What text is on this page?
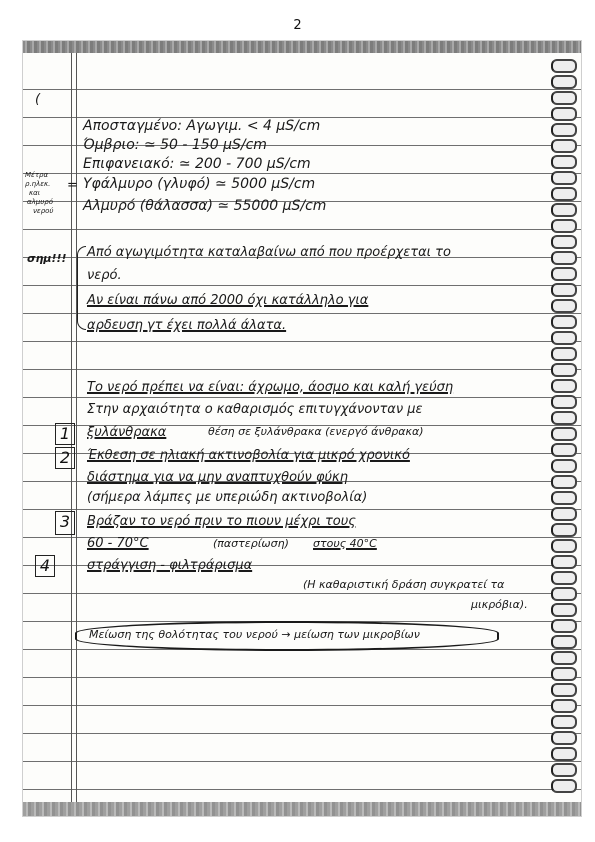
2
(
Αποσταγμένο: Αγωγιμ. < 4 μS/cm
Όμβριο: ≃ 50 - 150 μS/cm
Επιφανειακό: ≃ 200 - 700 μS/cm
Υφάλμυρο (γλυφό) ≃ 5000 μS/cm
Αλμυρό (θάλασσα) ≃ 55000 μS/cm
Μέτρα
ρ.ηλεκ.
και
αλμυρό
νερού
=
σημ!!! Από αγωγιμότητα καταλαβαίνω από που προέρχεται το
νερό.
Αν είναι πάνω από 2000 όχι κατάλληλο για
αρδευση γτ έχει πολλά άλατα.
Το νερό πρέπει να είναι: άχρωμο, άοσμο και καλή γεύση
Στην αρχαιότητα ο καθαρισμός επιτυγχάνονταν με
1	ξυλάνθρακα	θέση σε ξυλάνθρακα (ενεργό άνθρακα)
2	Έκθεση σε ηλιακή ακτινοβολία για μικρό χρονικό
διάστημα για να μην αναπτυχθούν φύκη
(σήμερα λάμπες με υπεριώδη ακτινοβολία)
3	Βράζαν το νερό πριν το πιουν μέχρι τους
60 - 70°C	(παστερίωση) στους 40°C
4	στράγγιση - φιλτράρισμα
(Η καθαριστική δράση συγκρατεί τα
μικρόβια).
Μείωση της θολότητας του νερού → μείωση των μικροβίων
